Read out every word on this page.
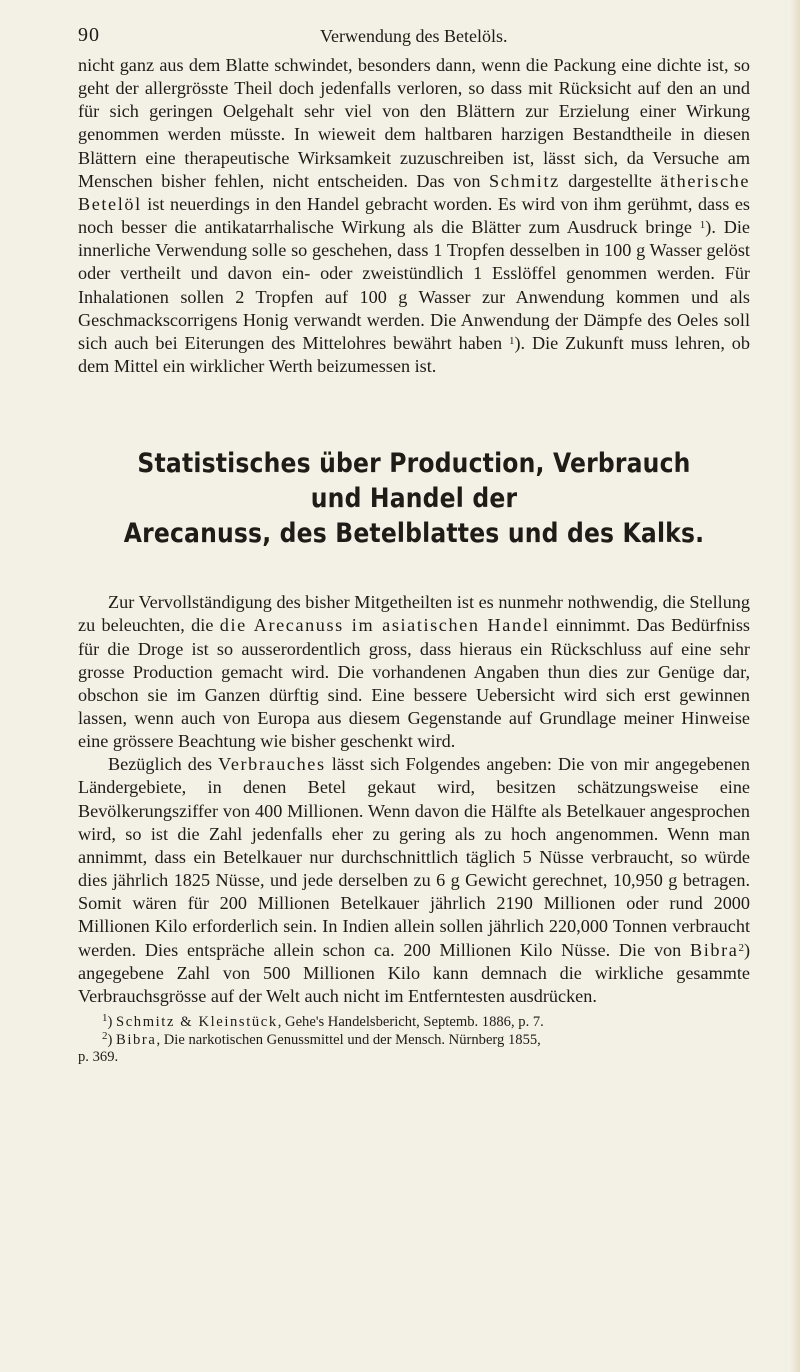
90	Verwendung des Betelöls.

nicht ganz aus dem Blatte schwindet, besonders dann, wenn die Packung eine dichte ist, so geht der allergrösste Theil doch jedenfalls verloren, so dass mit Rücksicht auf den an und für sich geringen Oelgehalt sehr viel von den Blättern zur Erzielung einer Wirkung genommen werden müsste. In wieweit dem haltbaren harzigen Bestandtheile in diesen Blättern eine therapeutische Wirksamkeit zuzuschreiben ist, lässt sich, da Versuche am Menschen bisher fehlen, nicht entscheiden. Das von Schmitz dargestellte ätherische Betelöl ist neuerdings in den Handel gebracht worden. Es wird von ihm gerühmt, dass es noch besser die antikatarrhalische Wirkung als die Blätter zum Ausdruck bringe $^1$). Die innerliche Verwendung solle so geschehen, dass 1 Tropfen desselben in 100 g Wasser gelöst oder vertheilt und davon ein- oder zweistündlich 1 Esslöffel genommen werden. Für Inhalationen sollen 2 Tropfen auf 100 g Wasser zur Anwendung kommen und als Geschmackscorrigens Honig verwandt werden. Die Anwendung der Dämpfe des Oeles soll sich auch bei Eiterungen des Mittelohres bewährt haben $^1$). Die Zukunft muss lehren, ob dem Mittel ein wirklicher Werth beizumessen ist.

Statistisches über Production, Verbrauch und Handel der
Arecanuss, des Betelblattes und des Kalks.

Zur Vervollständigung des bisher Mitgetheilten ist es nunmehr nothwendig, die Stellung zu beleuchten, die die Arecanuss im asiatischen Handel einnimmt. Das Bedürfniss für die Droge ist so ausserordentlich gross, dass hieraus ein Rückschluss auf eine sehr grosse Production gemacht wird. Die vorhandenen Angaben thun dies zur Genüge dar, obschon sie im Ganzen dürftig sind. Eine bessere Uebersicht wird sich erst gewinnen lassen, wenn auch von Europa aus diesem Gegenstande auf Grundlage meiner Hinweise eine grössere Beachtung wie bisher geschenkt wird.

Bezüglich des Verbrauches lässt sich Folgendes angeben: Die von mir angegebenen Ländergebiete, in denen Betel gekaut wird, besitzen schätzungsweise eine Bevölkerungsziffer von 400 Millionen. Wenn davon die Hälfte als Betelkauer angesprochen wird, so ist die Zahl jedenfalls eher zu gering als zu hoch angenommen. Wenn man annimmt, dass ein Betelkauer nur durchschnittlich täglich 5 Nüsse verbraucht, so würde dies jährlich 1825 Nüsse, und jede derselben zu 6 g Gewicht gerechnet, 10,950 g betragen. Somit wären für 200 Millionen Betelkauer jährlich 2190 Millionen oder rund 2000 Millionen Kilo erforderlich sein. In Indien allein sollen jährlich 220,000 Tonnen verbraucht werden. Dies entspräche allein schon ca. 200 Millionen Kilo Nüsse. Die von Bibra$^2$) angegebene Zahl von 500 Millionen Kilo kann demnach die wirkliche gesammte Verbrauchsgrösse auf der Welt auch nicht im Entferntesten ausdrücken.

$^1$) Schmitz & Kleinstück, Gehe's Handelsbericht, Septemb. 1886, p. 7.

$^2$) Bibra, Die narkotischen Genussmittel und der Mensch. Nürnberg 1855,

p. 369.
